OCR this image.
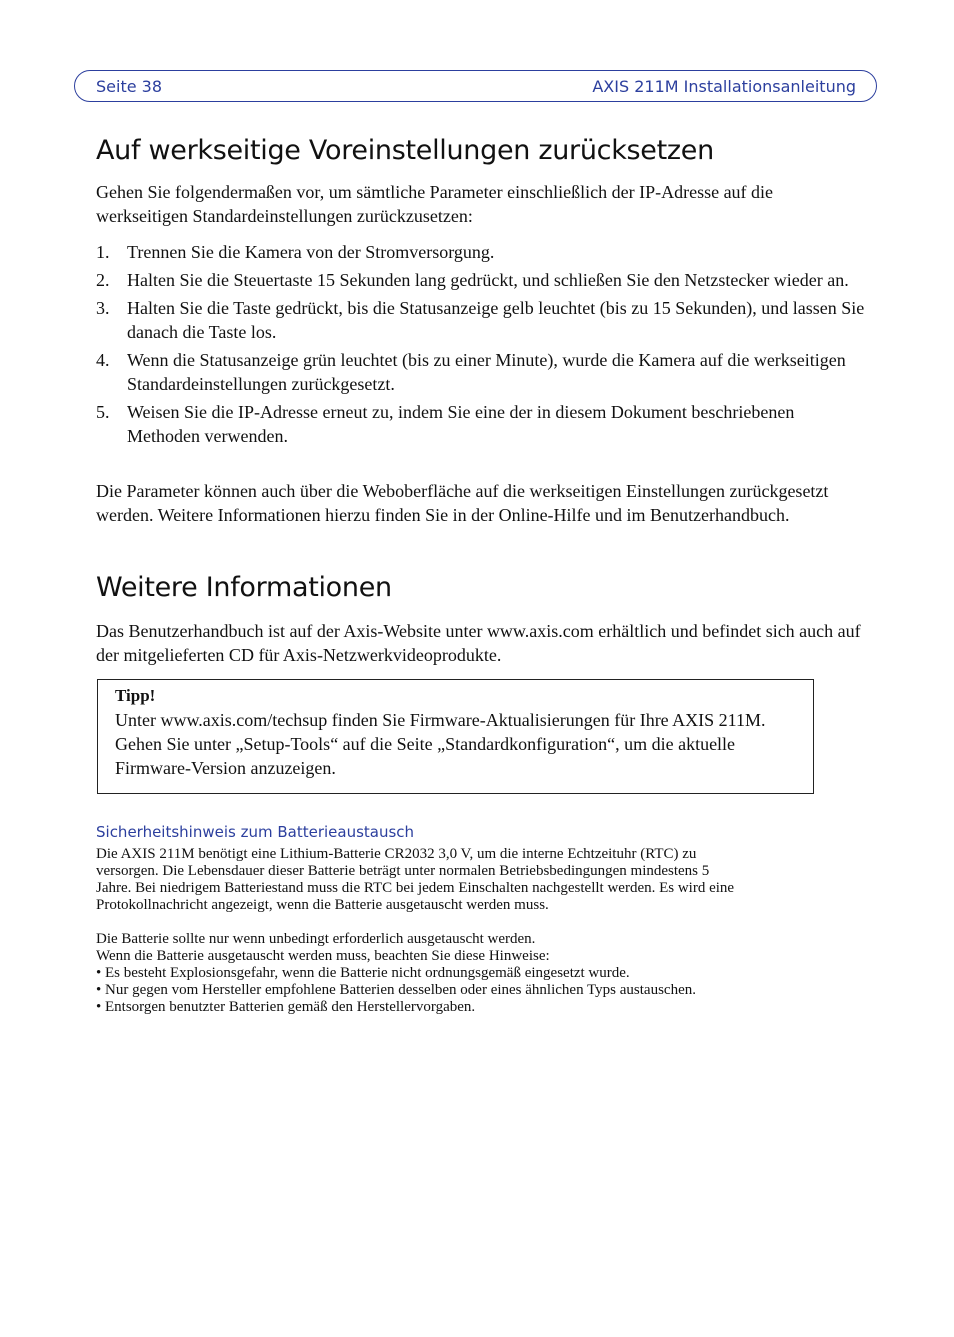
Seite 38	AXIS 211M Installationsanleitung
Auf werkseitige Voreinstellungen zurücksetzen

Gehen Sie folgendermaßen vor, um sämtliche Parameter einschließlich der IP-Adresse auf die werkseitigen Standardeinstellungen zurückzusetzen:

1. Trennen Sie die Kamera von der Stromversorgung.
2. Halten Sie die Steuertaste 15 Sekunden lang gedrückt, und schließen Sie den Netzstecker wieder an.
3. Halten Sie die Taste gedrückt, bis die Statusanzeige gelb leuchtet (bis zu 15 Sekunden), und lassen Sie danach die Taste los.
4. Wenn die Statusanzeige grün leuchtet (bis zu einer Minute), wurde die Kamera auf die werkseitigen Standardeinstellungen zurückgesetzt.
5. Weisen Sie die IP-Adresse erneut zu, indem Sie eine der in diesem Dokument beschriebenen Methoden verwenden.

Die Parameter können auch über die Weboberfläche auf die werkseitigen Einstellungen zurückgesetzt werden. Weitere Informationen hierzu finden Sie in der Online-Hilfe und im Benutzerhandbuch.

Weitere Informationen

Das Benutzerhandbuch ist auf der Axis-Website unter www.axis.com erhältlich und befindet sich auch auf der mitgelieferten CD für Axis-Netzwerkvideoprodukte.

Tipp!
Unter www.axis.com/techsup finden Sie Firmware-Aktualisierungen für Ihre AXIS 211M. Gehen Sie unter „Setup-Tools“ auf die Seite „Standardkonfiguration“, um die aktuelle Firmware-Version anzuzeigen.
Sicherheitshinweis zum Batterieaustausch

Die AXIS 211M benötigt eine Lithium-Batterie CR2032 3,0 V, um die interne Echtzeituhr (RTC) zu
versorgen. Die Lebensdauer dieser Batterie beträgt unter normalen Betriebsbedingungen mindestens 5
Jahre. Bei niedrigem Batteriestand muss die RTC bei jedem Einschalten nachgestellt werden. Es wird eine
Protokollnachricht angezeigt, wenn die Batterie ausgetauscht werden muss.

Die Batterie sollte nur wenn unbedingt erforderlich ausgetauscht werden.
Wenn die Batterie ausgetauscht werden muss, beachten Sie diese Hinweise:
• Es besteht Explosionsgefahr, wenn die Batterie nicht ordnungsgemäß eingesetzt wurde.
• Nur gegen vom Hersteller empfohlene Batterien desselben oder eines ähnlichen Typs austauschen.
• Entsorgen benutzter Batterien gemäß den Herstellervorgaben.
